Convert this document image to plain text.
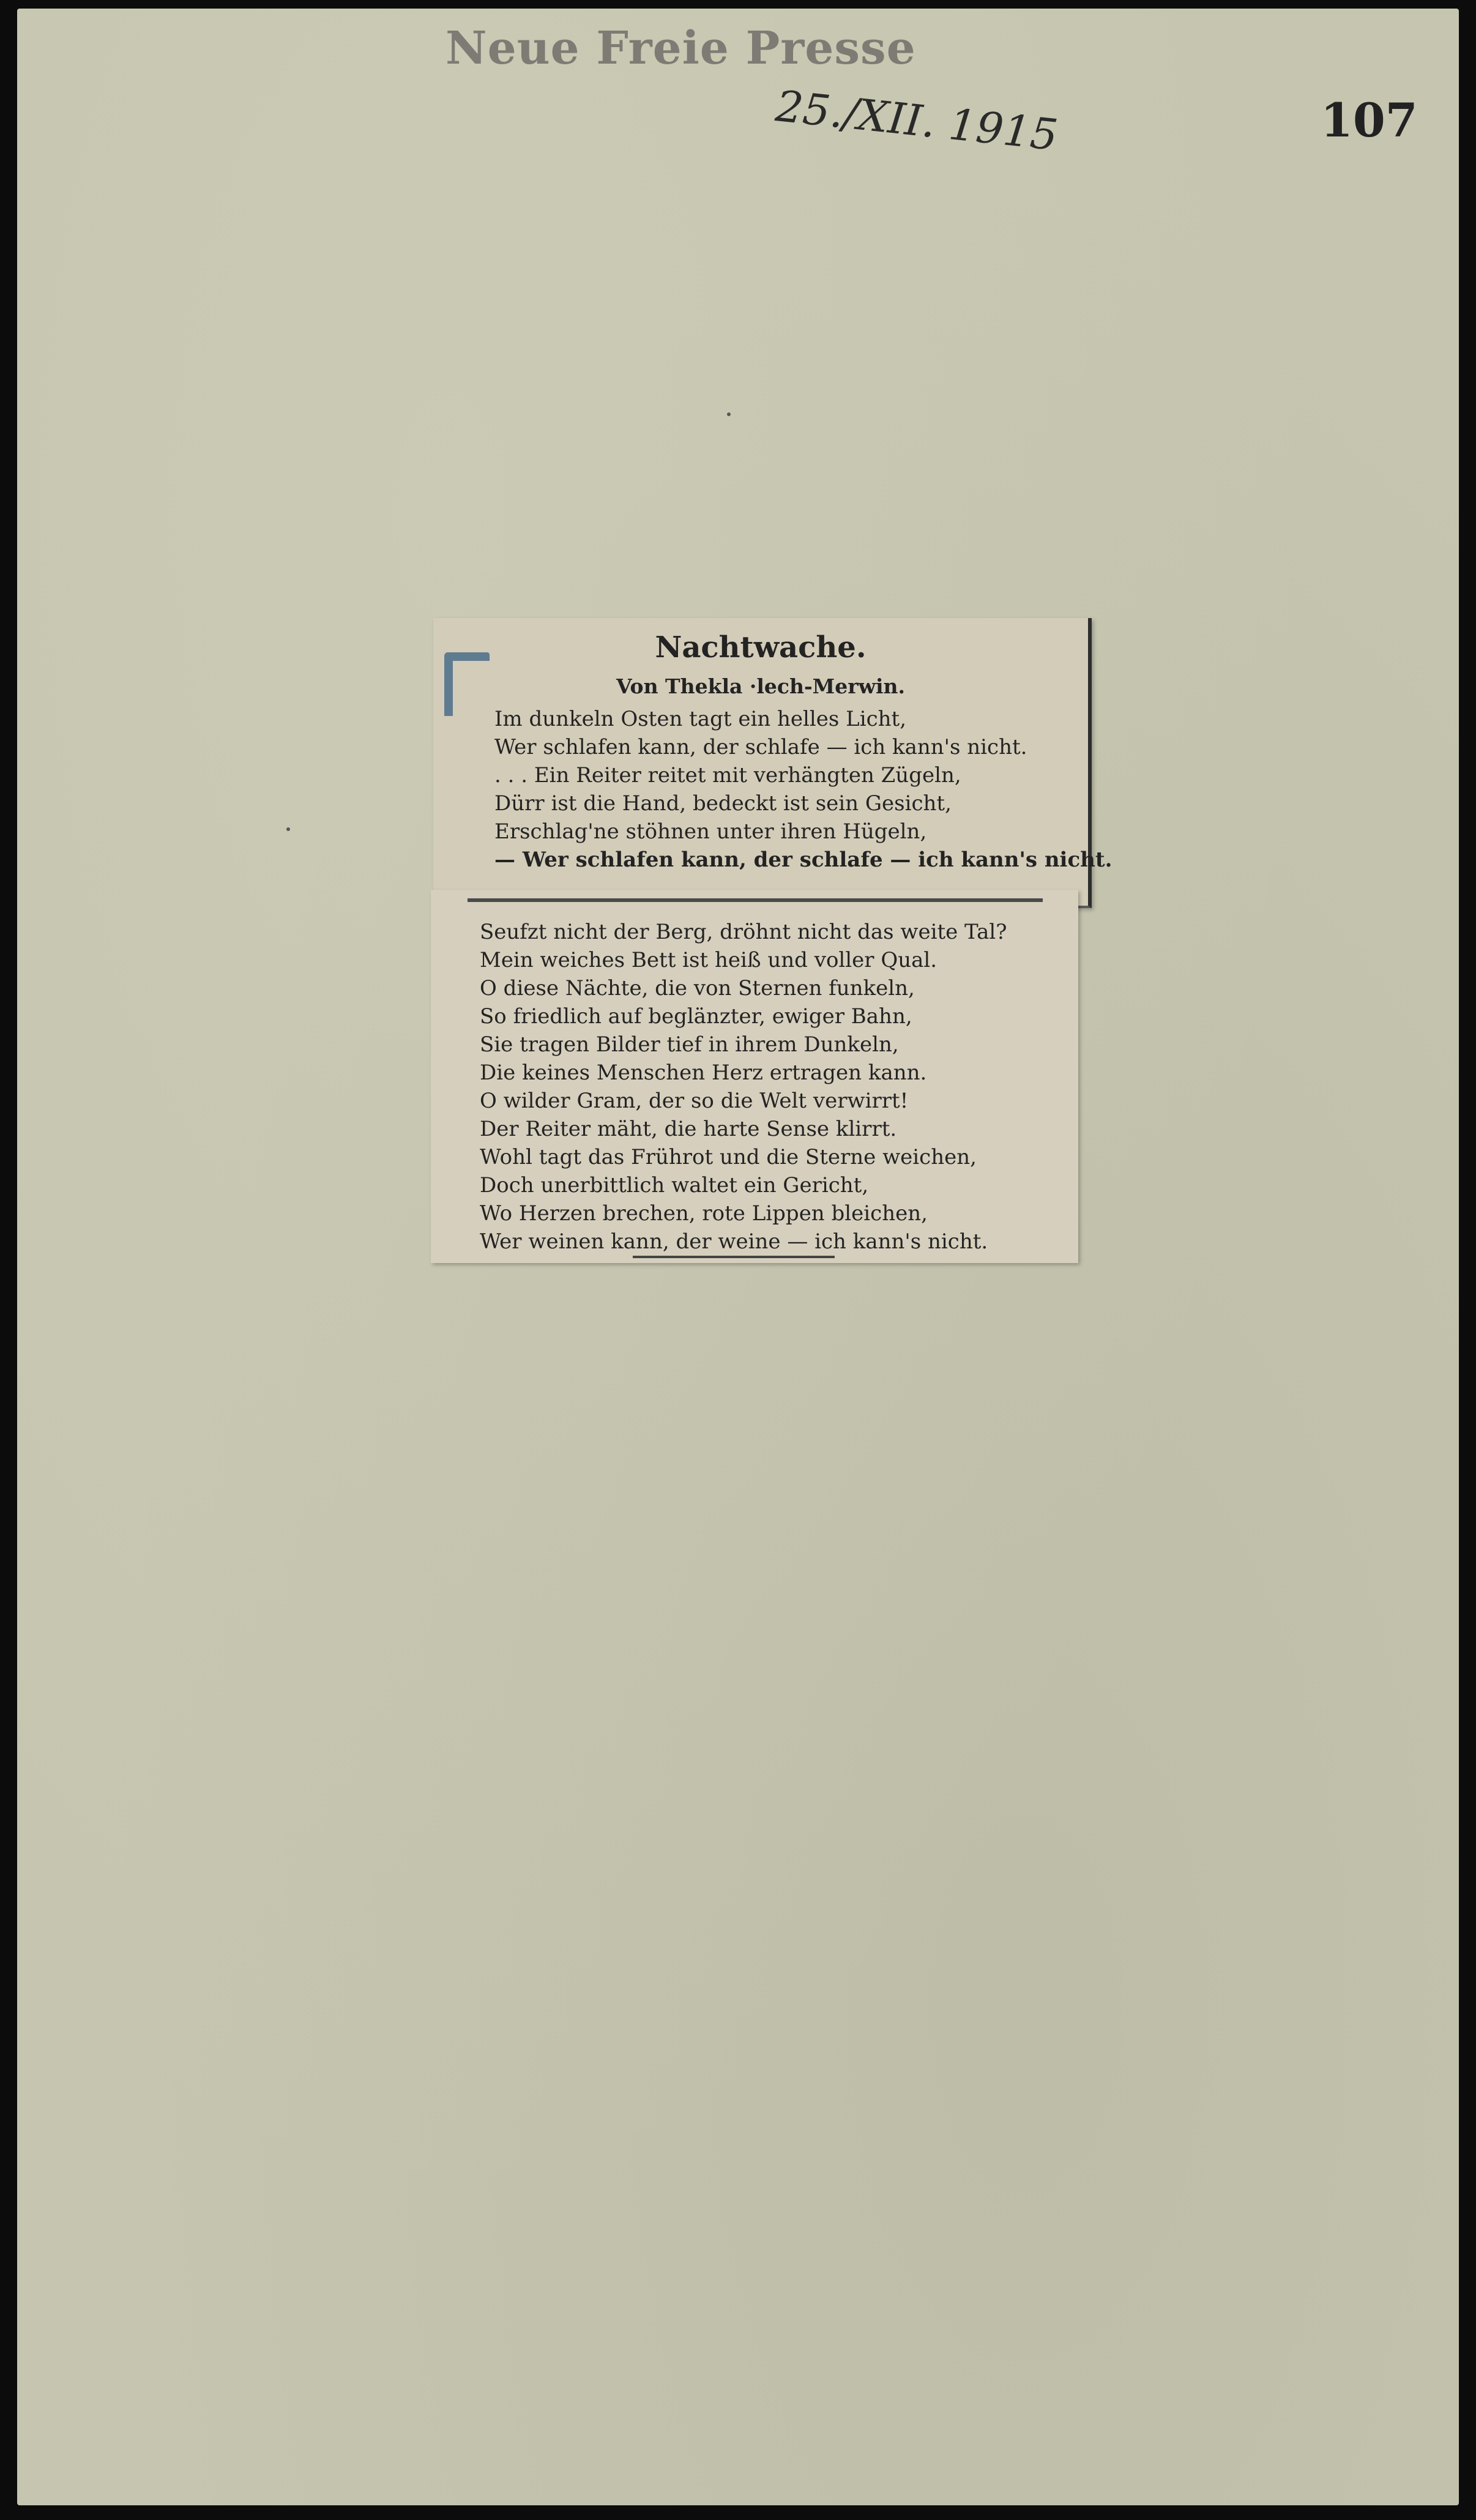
Neue Freie Presse
25./XII. 1915	107
Nachtwache.
Von Thekla ·lech-Merwin.
Im dunkeln Osten tagt ein helles Licht,
Wer schlafen kann, der schlafe — ich kann's nicht.
. . . Ein Reiter reitet mit verhängten Zügeln,
Dürr ist die Hand, bedeckt ist sein Gesicht,
Erschlag'ne stöhnen unter ihren Hügeln,
— Wer schlafen kann, der schlafe — ich kann's nicht.
Seufzt nicht der Berg, dröhnt nicht das weite Tal?
Mein weiches Bett ist heiß und voller Qual.
O diese Nächte, die von Sternen funkeln,
So friedlich auf beglänzter, ewiger Bahn,
Sie tragen Bilder tief in ihrem Dunkeln,
Die keines Menschen Herz ertragen kann.
O wilder Gram, der so die Welt verwirrt!
Der Reiter mäht, die harte Sense klirrt.
Wohl tagt das Frührot und die Sterne weichen,
Doch unerbittlich waltet ein Gericht,
Wo Herzen brechen, rote Lippen bleichen,
Wer weinen kann, der weine — ich kann's nicht.
